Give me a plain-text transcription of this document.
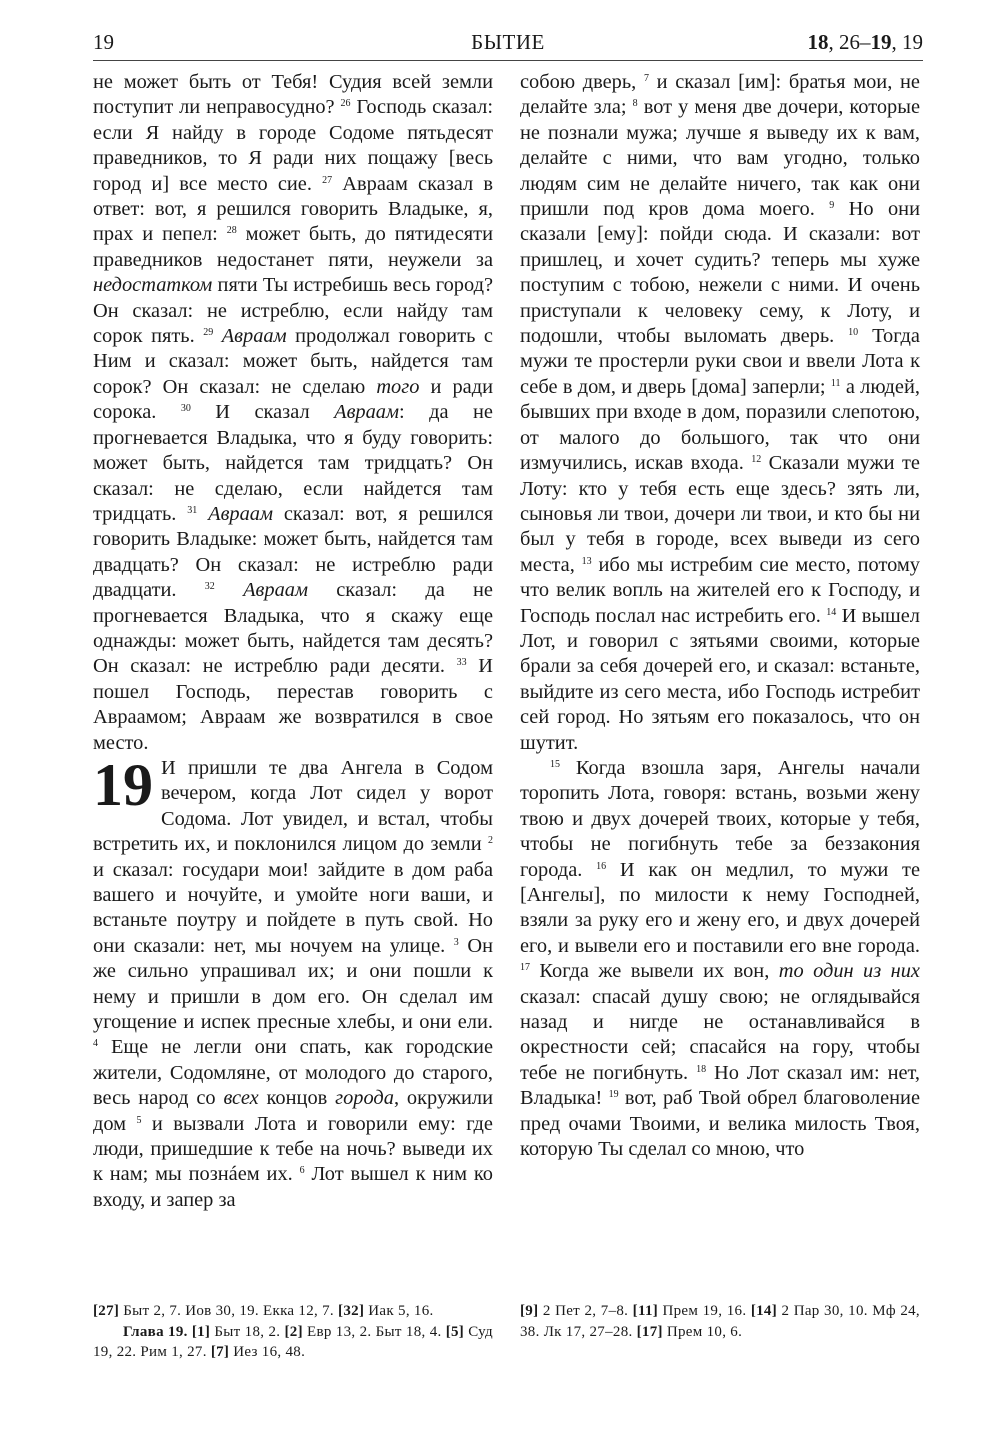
19	БЫТИЕ	18, 26–19, 19

не может быть от Тебя! Судия всей земли поступит ли неправосудно? $^{26}$ Господь сказал: если Я найду в городе Содоме пятьдесят праведников, то Я ради них пощажу [весь город и] все место сие. $^{27}$ Авраам сказал в ответ: вот, я решился говорить Владыке, я, прах и пепел: $^{28}$ может быть, до пятидесяти праведников недостанет пяти, неужели за недостатком пяти Ты истребишь весь город? Он сказал: не истреблю, если найду там сорок пять. $^{29}$ Авраам продолжал говорить с Ним и сказал: может быть, найдется там сорок? Он сказал: не сделаю того и ради сорока. $^{30}$ И сказал Авраам: да не прогневается Владыка, что я буду говорить: может быть, найдется там тридцать? Он сказал: не сделаю, если найдется там тридцать. $^{31}$ Авраам сказал: вот, я решился говорить Владыке: может быть, найдется там двадцать? Он сказал: не истреблю ради двадцати. $^{32}$ Авраам сказал: да не прогневается Владыка, что я скажу еще однажды: может быть, найдется там десять? Он сказал: не истреблю ради десяти. $^{33}$ И пошел Господь, перестав говорить с Авраамом; Авраам же возвратился в свое место.

19 И пришли те два Ангела в Содом вечером, когда Лот сидел у ворот Содома. Лот увидел, и встал, чтобы встретить их, и поклонился лицом до земли $^2$ и сказал: государи мои! зайдите в дом раба вашего и ночуйте, и умойте ноги ваши, и встаньте поутру и пойдете в путь свой. Но они сказали: нет, мы ночуем на улице. $^3$ Он же сильно упрашивал их; и они пошли к нему и пришли в дом его. Он сделал им угощение и испек пресные хлебы, и они ели. $^4$ Еще не легли они спать, как городские жители, Содомляне, от молодого до старого, весь народ со всех концов города, окружили дом $^5$ и вызвали Лота и говорили ему: где люди, пришедшие к тебе на ночь? выведи их к нам; мы познáем их. $^6$ Лот вышел к ним ко входу, и запер за

собою дверь, $^7$ и сказал [им]: братья мои, не делайте зла; $^8$ вот у меня две дочери, которые не познали мужа; лучше я выведу их к вам, делайте с ними, что вам угодно, только людям сим не делайте ничего, так как они пришли под кров дома моего. $^9$ Но они сказали [ему]: пойди сюда. И сказали: вот пришлец, и хочет судить? теперь мы хуже поступим с тобою, нежели с ними. И очень приступали к человеку сему, к Лоту, и подошли, чтобы выломать дверь. $^{10}$ Тогда мужи те простерли руки свои и ввели Лота к себе в дом, и дверь [дома] заперли; $^{11}$ а людей, бывших при входе в дом, поразили слепотою, от малого до большого, так что они измучились, искав входа. $^{12}$ Сказали мужи те Лоту: кто у тебя есть еще здесь? зять ли, сыновья ли твои, дочери ли твои, и кто бы ни был у тебя в городе, всех выведи из сего места, $^{13}$ ибо мы истребим сие место, потому что велик вопль на жителей его к Господу, и Господь послал нас истребить его. $^{14}$ И вышел Лот, и говорил с зятьями своими, которые брали за себя дочерей его, и сказал: встаньте, выйдите из сего места, ибо Господь истребит сей город. Но зятьям его показалось, что он шутит.

$^{15}$ Когда взошла заря, Ангелы начали торопить Лота, говоря: встань, возьми жену твою и двух дочерей твоих, которые у тебя, чтобы не погибнуть тебе за беззакония города. $^{16}$ И как он медлил, то мужи те [Ангелы], по милости к нему Господней, взяли за руку его и жену его, и двух дочерей его, и вывели его и поставили его вне города. $^{17}$ Когда же вывели их вон, то один из них сказал: спасай душу свою; не оглядывайся назад и нигде не останавливайся в окрестности сей; спасайся на гору, чтобы тебе не погибнуть. $^{18}$ Но Лот сказал им: нет, Владыка! $^{19}$ вот, раб Твой обрел благоволение пред очами Твоими, и велика милость Твоя, которую Ты сделал со мною, что

[27] Быт 2, 7. Иов 30, 19. Екка 12, 7. [32] Иак 5, 16.

Глава 19. [1] Быт 18, 2. [2] Евр 13, 2. Быт 18, 4. [5] Суд 19, 22. Рим 1, 27. [7] Иез 16, 48.

[9] 2 Пет 2, 7–8. [11] Прем 19, 16. [14] 2 Пар 30, 10. Мф 24, 38. Лк 17, 27–28. [17] Прем 10, 6.
